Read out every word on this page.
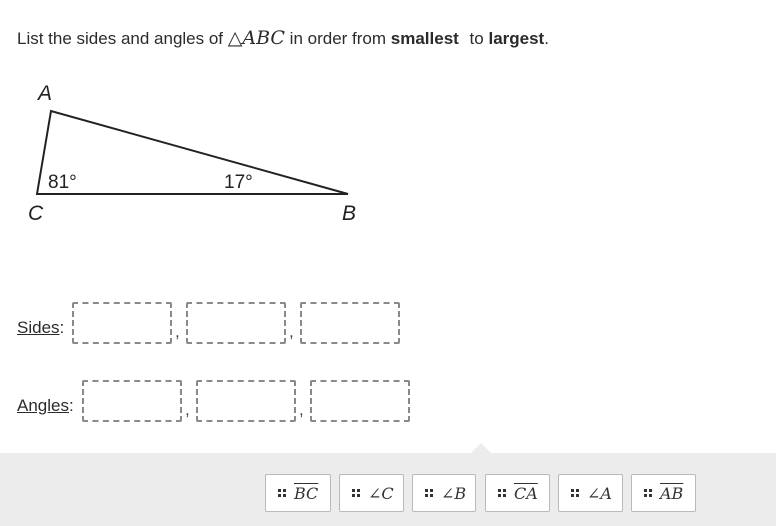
List the sides and angles of △ABC in order from smallest to largest.
A
C	B
81°	17°
Sides:	,	,
Angles:	,	,
$\overline{BC}$	∠C	∠B	$\overline{CA}$	∠A	$\overline{AB}$
